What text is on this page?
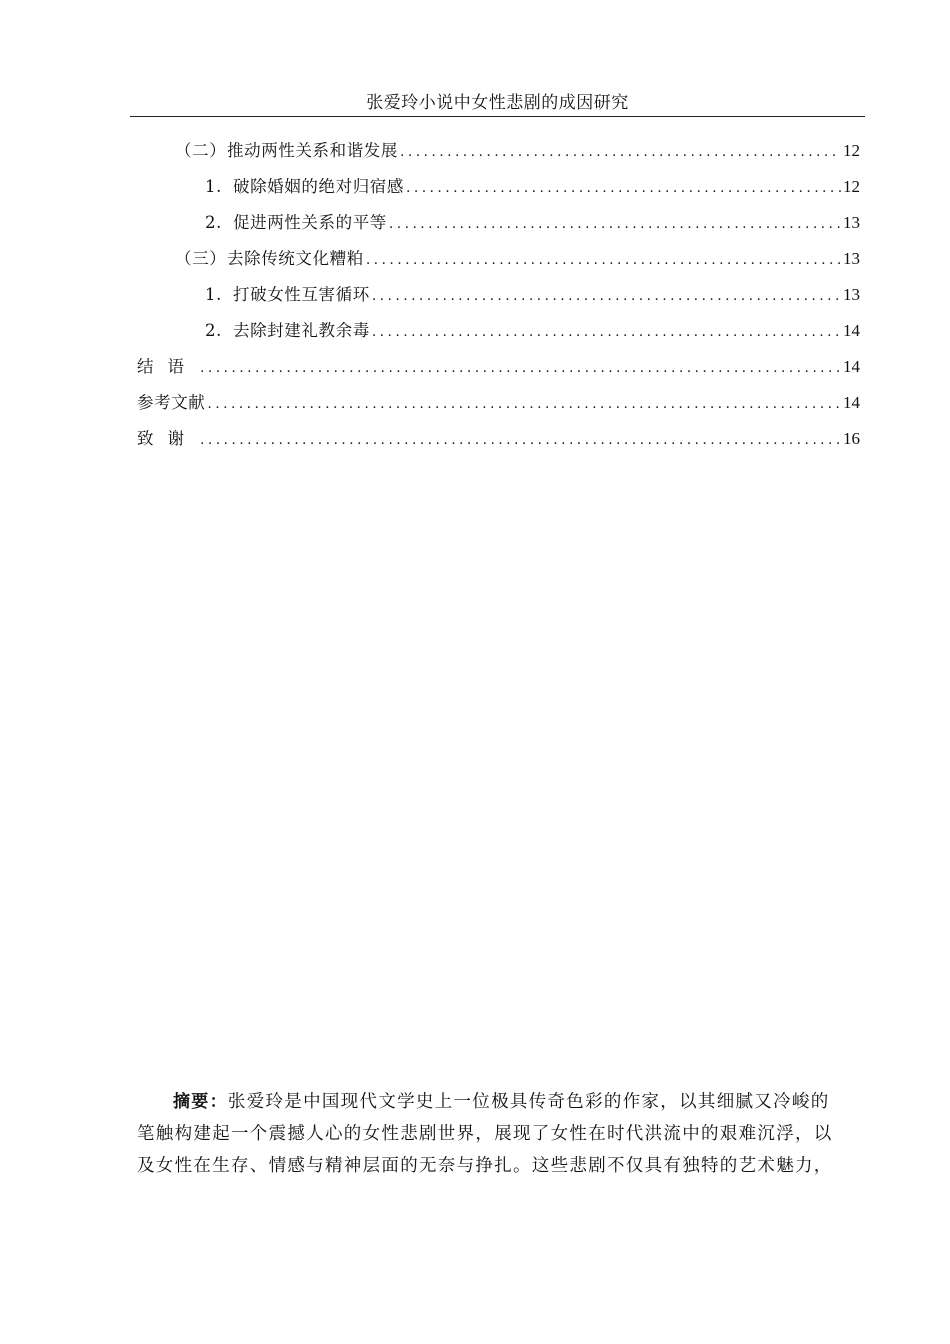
张爱玲小说中女性悲剧的成因研究
（二） 推动两性关系和谐发展 .....	12
1. 破除婚姻的绝对归宿感 .....	12
2. 促进两性关系的平等 .....	13
（三） 去除传统文化糟粕 .....	13
1. 打破女性互害循环 .....	13
2. 去除封建礼教余毒 .....	14
结语 .....	14
参考文献 .....	14
致谢 .....	16
摘要：张爱玲是中国现代文学史上一位极具传奇色彩的作家，以其细腻又冷峻的
笔触构建起一个震撼人心的女性悲剧世界，展现了女性在时代洪流中的艰难沉浮，以
及女性在生存、情感与精神层面的无奈与挣扎。这些悲剧不仅具有独特的艺术魅力，
